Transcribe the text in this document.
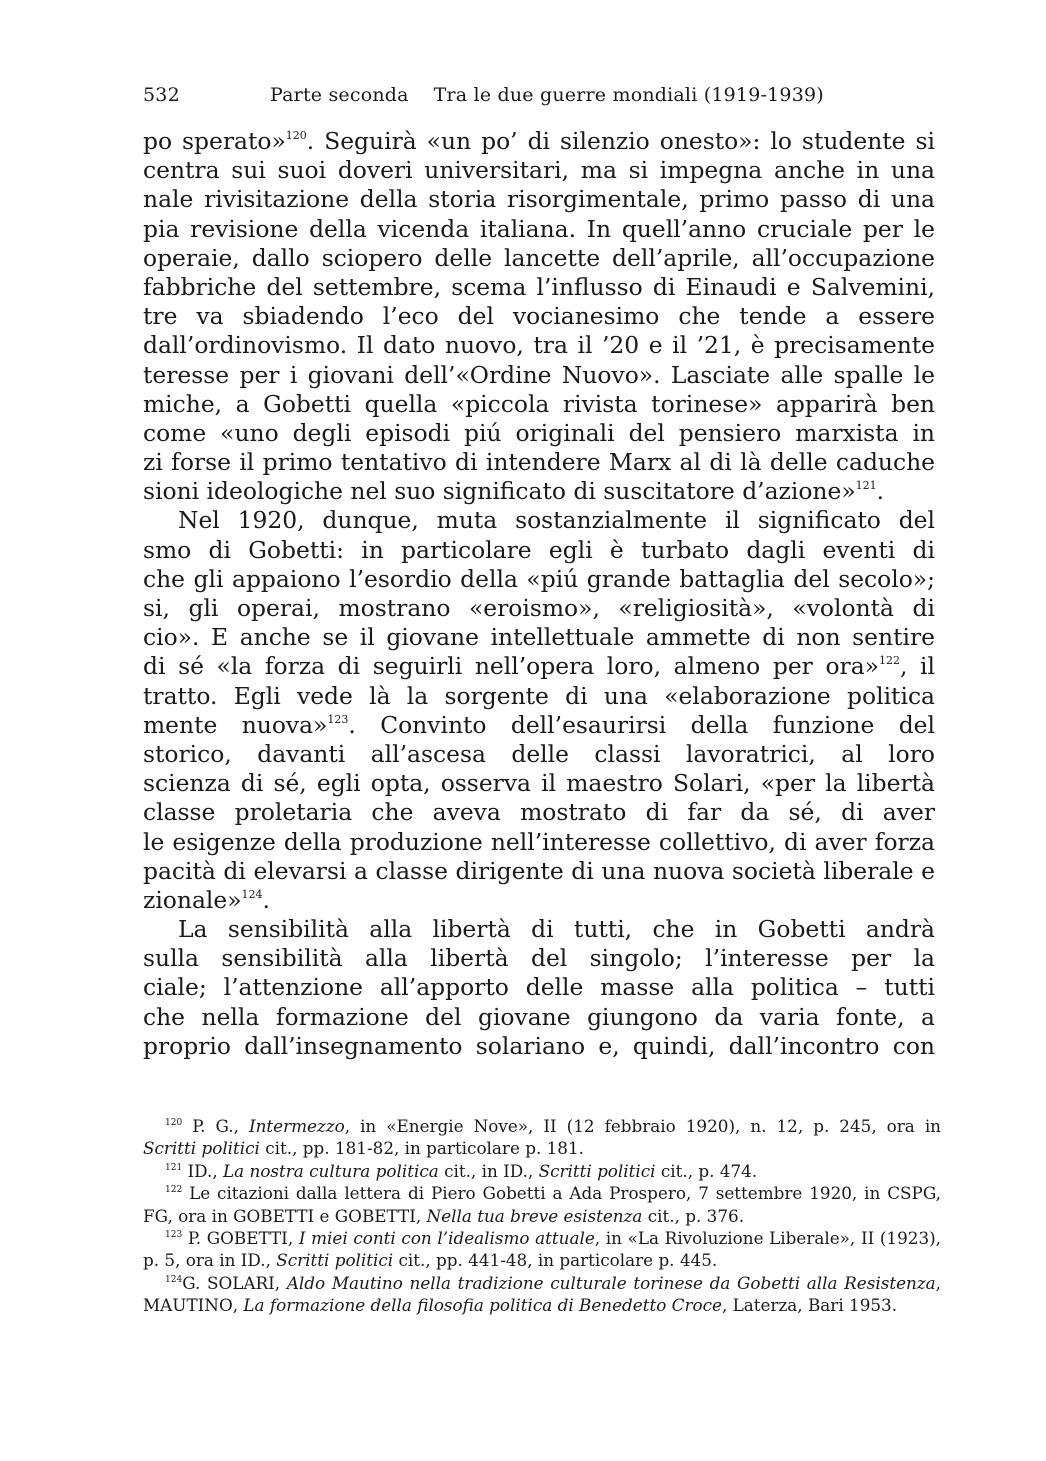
532	Parte seconda    Tra le due guerre mondiali (1919-1939)
po sperato»$^{120}$. Seguirà «un po’ di silenzio onesto»: lo studente si
centra sui suoi doveri universitari, ma si impegna anche in una
nale rivisitazione della storia risorgimentale, primo passo di una
pia revisione della vicenda italiana. In quell’anno cruciale per le
operaie, dallo sciopero delle lancette dell’aprile, all’occupazione
fabbriche del settembre, scema l’influsso di Einaudi e Salvemini,
tre va sbiadendo l’eco del vocianesimo che tende a essere
dall’ordinovismo. Il dato nuovo, tra il ’20 e il ’21, è precisamente
teresse per i giovani dell’«Ordine Nuovo». Lasciate alle spalle le
miche, a Gobetti quella «piccola rivista torinese» apparirà ben
come «uno degli episodi piú originali del pensiero marxista in
zi forse il primo tentativo di intendere Marx al di là delle caduche
sioni ideologiche nel suo significato di suscitatore d’azione»$^{121}$.
Nel 1920, dunque, muta sostanzialmente il significato del
smo di Gobetti: in particolare egli è turbato dagli eventi di
che gli appaiono l’esordio della «piú grande battaglia del secolo»;
si, gli operai, mostrano «eroismo», «religiosità», «volontà di
cio». E anche se il giovane intellettuale ammette di non sentire
di sé «la forza di seguirli nell’opera loro, almeno per ora»$^{122}$, il
tratto. Egli vede là la sorgente di una «elaborazione politica
mente nuova»$^{123}$. Convinto dell’esaurirsi della funzione del
storico, davanti all’ascesa delle classi lavoratrici, al loro
scienza di sé, egli opta, osserva il maestro Solari, «per la libertà
classe proletaria che aveva mostrato di far da sé, di aver
le esigenze della produzione nell’interesse collettivo, di aver forza
pacità di elevarsi a classe dirigente di una nuova società liberale e
zionale»$^{124}$.
La sensibilità alla libertà di tutti, che in Gobetti andrà
sulla sensibilità alla libertà del singolo; l’interesse per la
ciale; l’attenzione all’apporto delle masse alla politica – tutti
che nella formazione del giovane giungono da varia fonte, a
proprio dall’insegnamento solariano e, quindi, dall’incontro con
$^{120}$ P. G., Intermezzo, in «Energie Nove», II (12 febbraio 1920), n. 12, p. 245, ora in
Scritti politici cit., pp. 181-82, in particolare p. 181.
$^{121}$ ID., La nostra cultura politica cit., in ID., Scritti politici cit., p. 474.
$^{122}$ Le citazioni dalla lettera di Piero Gobetti a Ada Prospero, 7 settembre 1920, in CSPG,
FG, ora in GOBETTI e GOBETTI, Nella tua breve esistenza cit., p. 376.
$^{123}$ P. GOBETTI, I miei conti con l’idealismo attuale, in «La Rivoluzione Liberale», II (1923),
p. 5, ora in ID., Scritti politici cit., pp. 441-48, in particolare p. 445.
$^{124}$G. SOLARI, Aldo Mautino nella tradizione culturale torinese da Gobetti alla Resistenza,
MAUTINO, La formazione della filosofia politica di Benedetto Croce, Laterza, Bari 1953.
